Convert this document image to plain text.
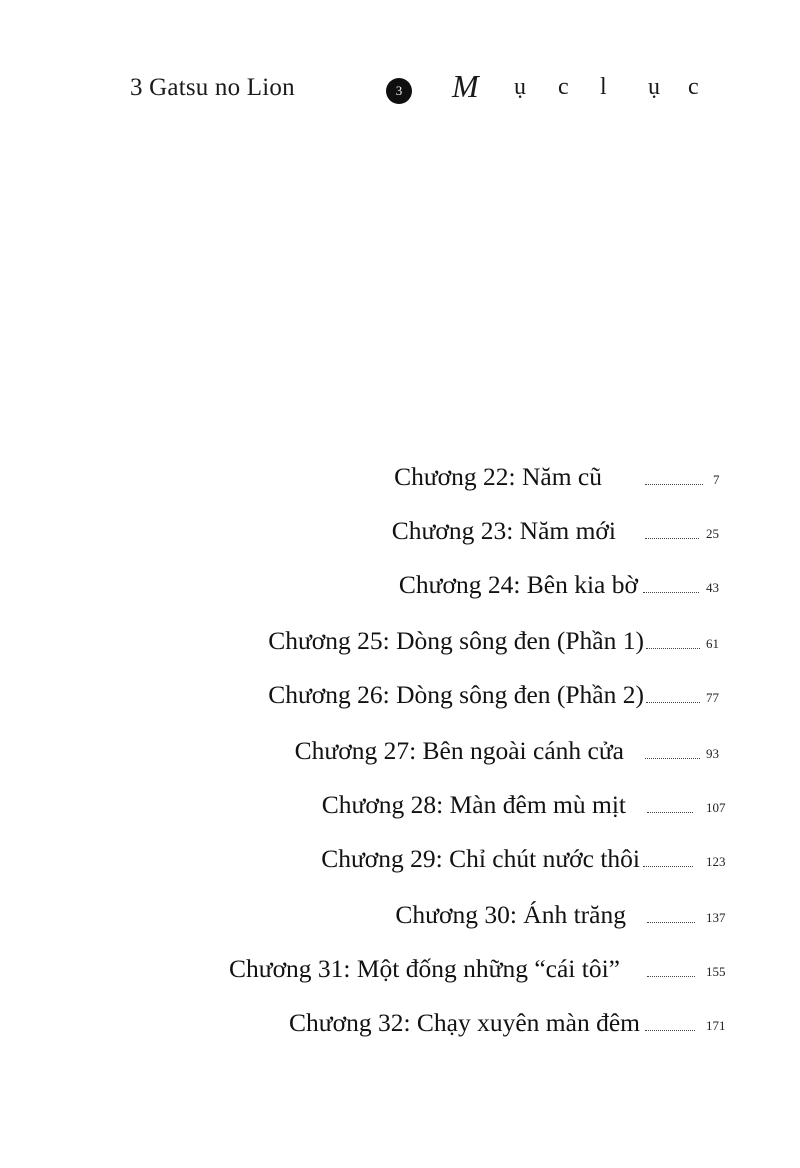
3 Gatsu no Lion	3	M	ụ	c	l	ụ	c
Chương 22: Năm cũ	7
Chương 23: Năm mới	25
Chương 24: Bên kia bờ	43
Chương 25: Dòng sông đen (Phần 1)	61
Chương 26: Dòng sông đen (Phần 2)	77
Chương 27: Bên ngoài cánh cửa	93
Chương 28: Màn đêm mù mịt	107
Chương 29: Chỉ chút nước thôi	123
Chương 30: Ánh trăng	137
Chương 31: Một đống những “cái tôi”	155
Chương 32: Chạy xuyên màn đêm	171
